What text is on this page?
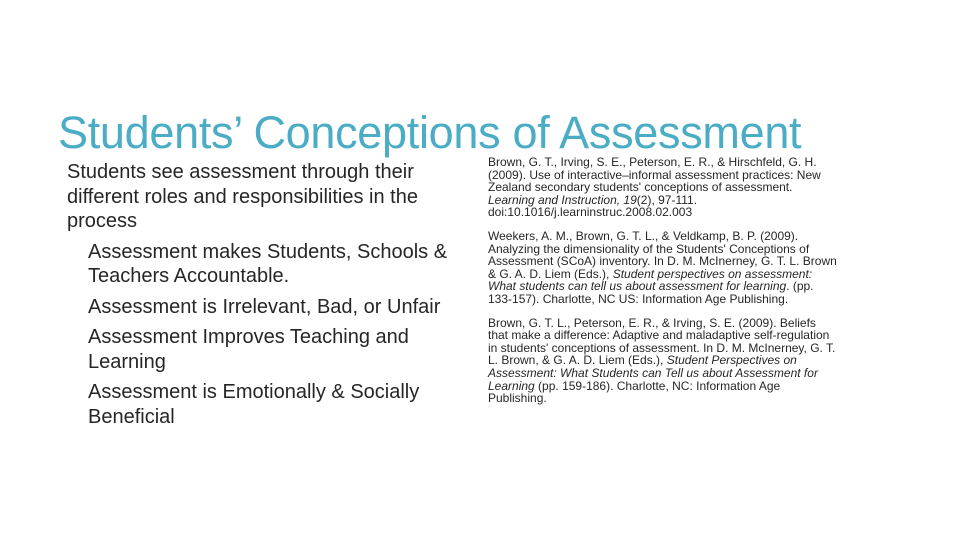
Students’ Conceptions of Assessment

Students see assessment through their different roles and responsibilities in the process

Assessment makes Students, Schools & Teachers Accountable.

Assessment is Irrelevant, Bad, or Unfair

Assessment Improves Teaching and Learning

Assessment is Emotionally & Socially Beneficial

Brown, G. T., Irving, S. E., Peterson, E. R., & Hirschfeld, G. H. (2009). Use of interactive–informal assessment practices: New Zealand secondary students' conceptions of assessment. Learning and Instruction, 19(2), 97-111. doi:10.1016/j.learninstruc.2008.02.003

Weekers, A. M., Brown, G. T. L., & Veldkamp, B. P. (2009). Analyzing the dimensionality of the Students' Conceptions of Assessment (SCoA) inventory. In D. M. McInerney, G. T. L. Brown & G. A. D. Liem (Eds.), Student perspectives on assessment: What students can tell us about assessment for learning. (pp. 133-157). Charlotte, NC US: Information Age Publishing.

Brown, G. T. L., Peterson, E. R., & Irving, S. E. (2009). Beliefs that make a difference: Adaptive and maladaptive self-regulation in students' conceptions of assessment. In D. M. McInerney, G. T. L. Brown, & G. A. D. Liem (Eds.), Student Perspectives on Assessment: What Students can Tell us about Assessment for Learning (pp. 159-186). Charlotte, NC: Information Age Publishing.
